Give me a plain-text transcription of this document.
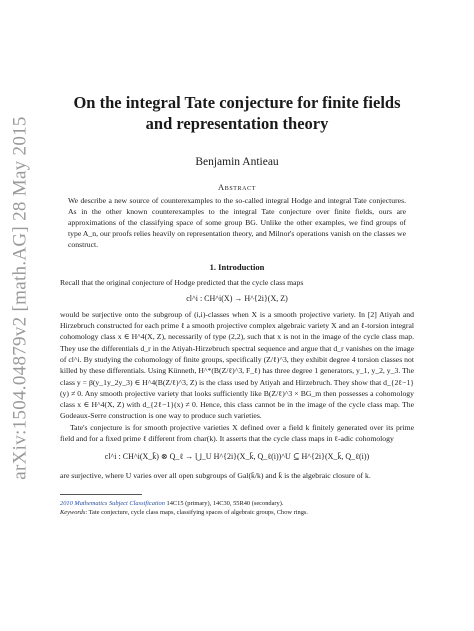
arXiv:1504.04879v2 [math.AG] 28 May 2015
On the integral Tate conjecture for finite fields and representation theory
Benjamin Antieau
Abstract

We describe a new source of counterexamples to the so-called integral Hodge and integral Tate conjectures. As in the other known counterexamples to the integral Tate conjecture over finite fields, ours are approximations of the classifying space of some group BG. Unlike the other examples, we find groups of type A_n, our proofs relies heavily on representation theory, and Milnor's operations vanish on the classes we construct.

1. Introduction

Recall that the original conjecture of Hodge predicted that the cycle class maps

cl^i : CH^i(X) → H^{2i}(X, Z)

would be surjective onto the subgroup of (i,i)-classes when X is a smooth projective variety. In [2] Atiyah and Hirzebruch constructed for each prime ℓ a smooth projective complex algebraic variety X and an ℓ-torsion integral cohomology class x ∈ H^4(X, Z), necessarily of type (2,2), such that x is not in the image of the cycle class map. They use the differentials d_r in the Atiyah-Hirzebruch spectral sequence and argue that d_r vanishes on the image of cl^i. By studying the cohomology of finite groups, specifically (Z/ℓ)^3, they exhibit degree 4 torsion classes not killed by these differentials. Using Künneth, H^*(B(Z/ℓ)^3, F_ℓ) has three degree 1 generators, y_1, y_2, y_3. The class y = β(y_1y_2y_3) ∈ H^4(B(Z/ℓ)^3, Z) is the class used by Atiyah and Hirzebruch. They show that d_{2ℓ−1}(y) ≠ 0. Any smooth projective variety that looks sufficiently like B(Z/ℓ)^3 × BG_m then possesses a cohomology class x ∈ H^4(X, Z) with d_{2ℓ−1}(x) ≠ 0. Hence, this class cannot be in the image of the cycle class map. The Godeaux-Serre construction is one way to produce such varieties.

Tate's conjecture is for smooth projective varieties X defined over a field k finitely generated over its prime field and for a fixed prime ℓ different from char(k). It asserts that the cycle class maps in ℓ-adic cohomology

cl^i : CH^i(X_k̄) ⊗ Q_ℓ → ⋃_U H^{2i}(X_k̄, Q_ℓ(i))^U ⊆ H^{2i}(X_k̄, Q_ℓ(i))

are surjective, where U varies over all open subgroups of Gal(k̄/k) and k̄ is the algebraic closure of k.

2010 Mathematics Subject Classification 14C15 (primary), 14C30, 55R40 (secondary).

Keywords: Tate conjecture, cycle class maps, classifying spaces of algebraic groups, Chow rings.
